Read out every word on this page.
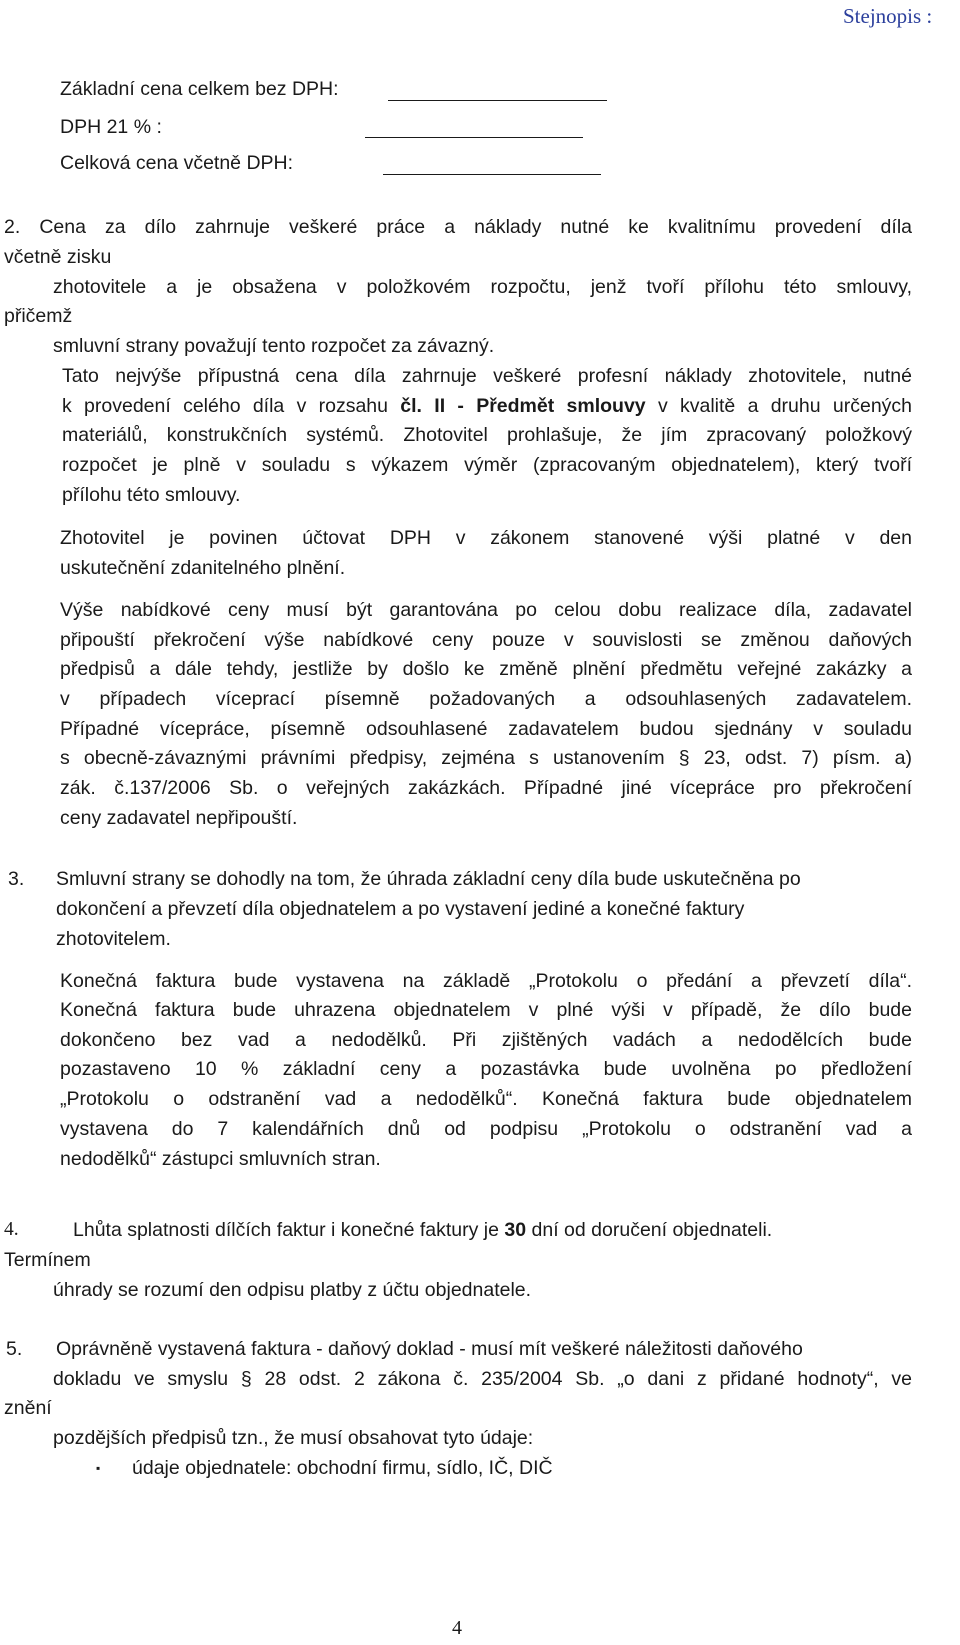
Stejnopis :
Základní cena celkem bez DPH:
DPH 21 % :
Celková cena včetně DPH:
2. Cena za dílo zahrnuje veškeré práce a náklady nutné ke kvalitnímu provedení díla
včetně zisku
zhotovitele a je obsažena v položkovém rozpočtu, jenž tvoří přílohu této smlouvy,
přičemž
smluvní strany považují tento rozpočet za závazný.
Tato nejvýše přípustná cena díla zahrnuje veškeré profesní náklady zhotovitele, nutné
k provedení celého díla v rozsahu čl. II - Předmět smlouvy v kvalitě a druhu určených
materiálů, konstrukčních systémů. Zhotovitel prohlašuje, že jím zpracovaný položkový
rozpočet je plně v souladu s výkazem výměr (zpracovaným objednatelem), který tvoří
přílohu této smlouvy.
Zhotovitel je povinen účtovat DPH v zákonem stanovené výši platné v den
uskutečnění zdanitelného plnění.
Výše nabídkové ceny musí být garantována po celou dobu realizace díla, zadavatel
připouští překročení výše nabídkové ceny pouze v souvislosti se změnou daňových
předpisů a dále tehdy, jestliže by došlo ke změně plnění předmětu veřejné zakázky a
v případech víceprací písemně požadovaných a odsouhlasených zadavatelem.
Případné vícepráce, písemně odsouhlasené zadavatelem budou sjednány v souladu
s obecně-závaznými právními předpisy, zejména s ustanovením § 23, odst. 7) písm. a)
zák. č.137/2006 Sb. o veřejných zakázkách. Případné jiné vícepráce pro překročení
ceny zadavatel nepřipouští.
3. Smluvní strany se dohodly na tom, že úhrada základní ceny díla bude uskutečněna po
dokončení a převzetí díla objednatelem a po vystavení jediné a konečné faktury
zhotovitelem.
Konečná faktura bude vystavena na základě „Protokolu o předání a převzetí díla“.
Konečná faktura bude uhrazena objednatelem v plné výši v případě, že dílo bude
dokončeno bez vad a nedodělků. Při zjištěných vadách a nedodělcích bude
pozastaveno 10 % základní ceny a pozastávka bude uvolněna po předložení
„Protokolu o odstranění vad a nedodělků“. Konečná faktura bude objednatelem
vystavena do 7 kalendářních dnů od podpisu „Protokolu o odstranění vad a
nedodělků“ zástupci smluvních stran.
4.	Lhůta splatnosti dílčích faktur i konečné faktury je 30 dní od doručení objednateli.
Termínem
úhrady se rozumí den odpisu platby z účtu objednatele.
5. Oprávněně vystavená faktura - daňový doklad - musí mít veškeré náležitosti daňového
dokladu ve smyslu § 28 odst. 2 zákona č. 235/2004 Sb. „o dani z přidané hodnoty“, ve
znění
pozdějších předpisů tzn., že musí obsahovat tyto údaje:
▪ údaje objednatele: obchodní firmu, sídlo, IČ, DIČ
4
